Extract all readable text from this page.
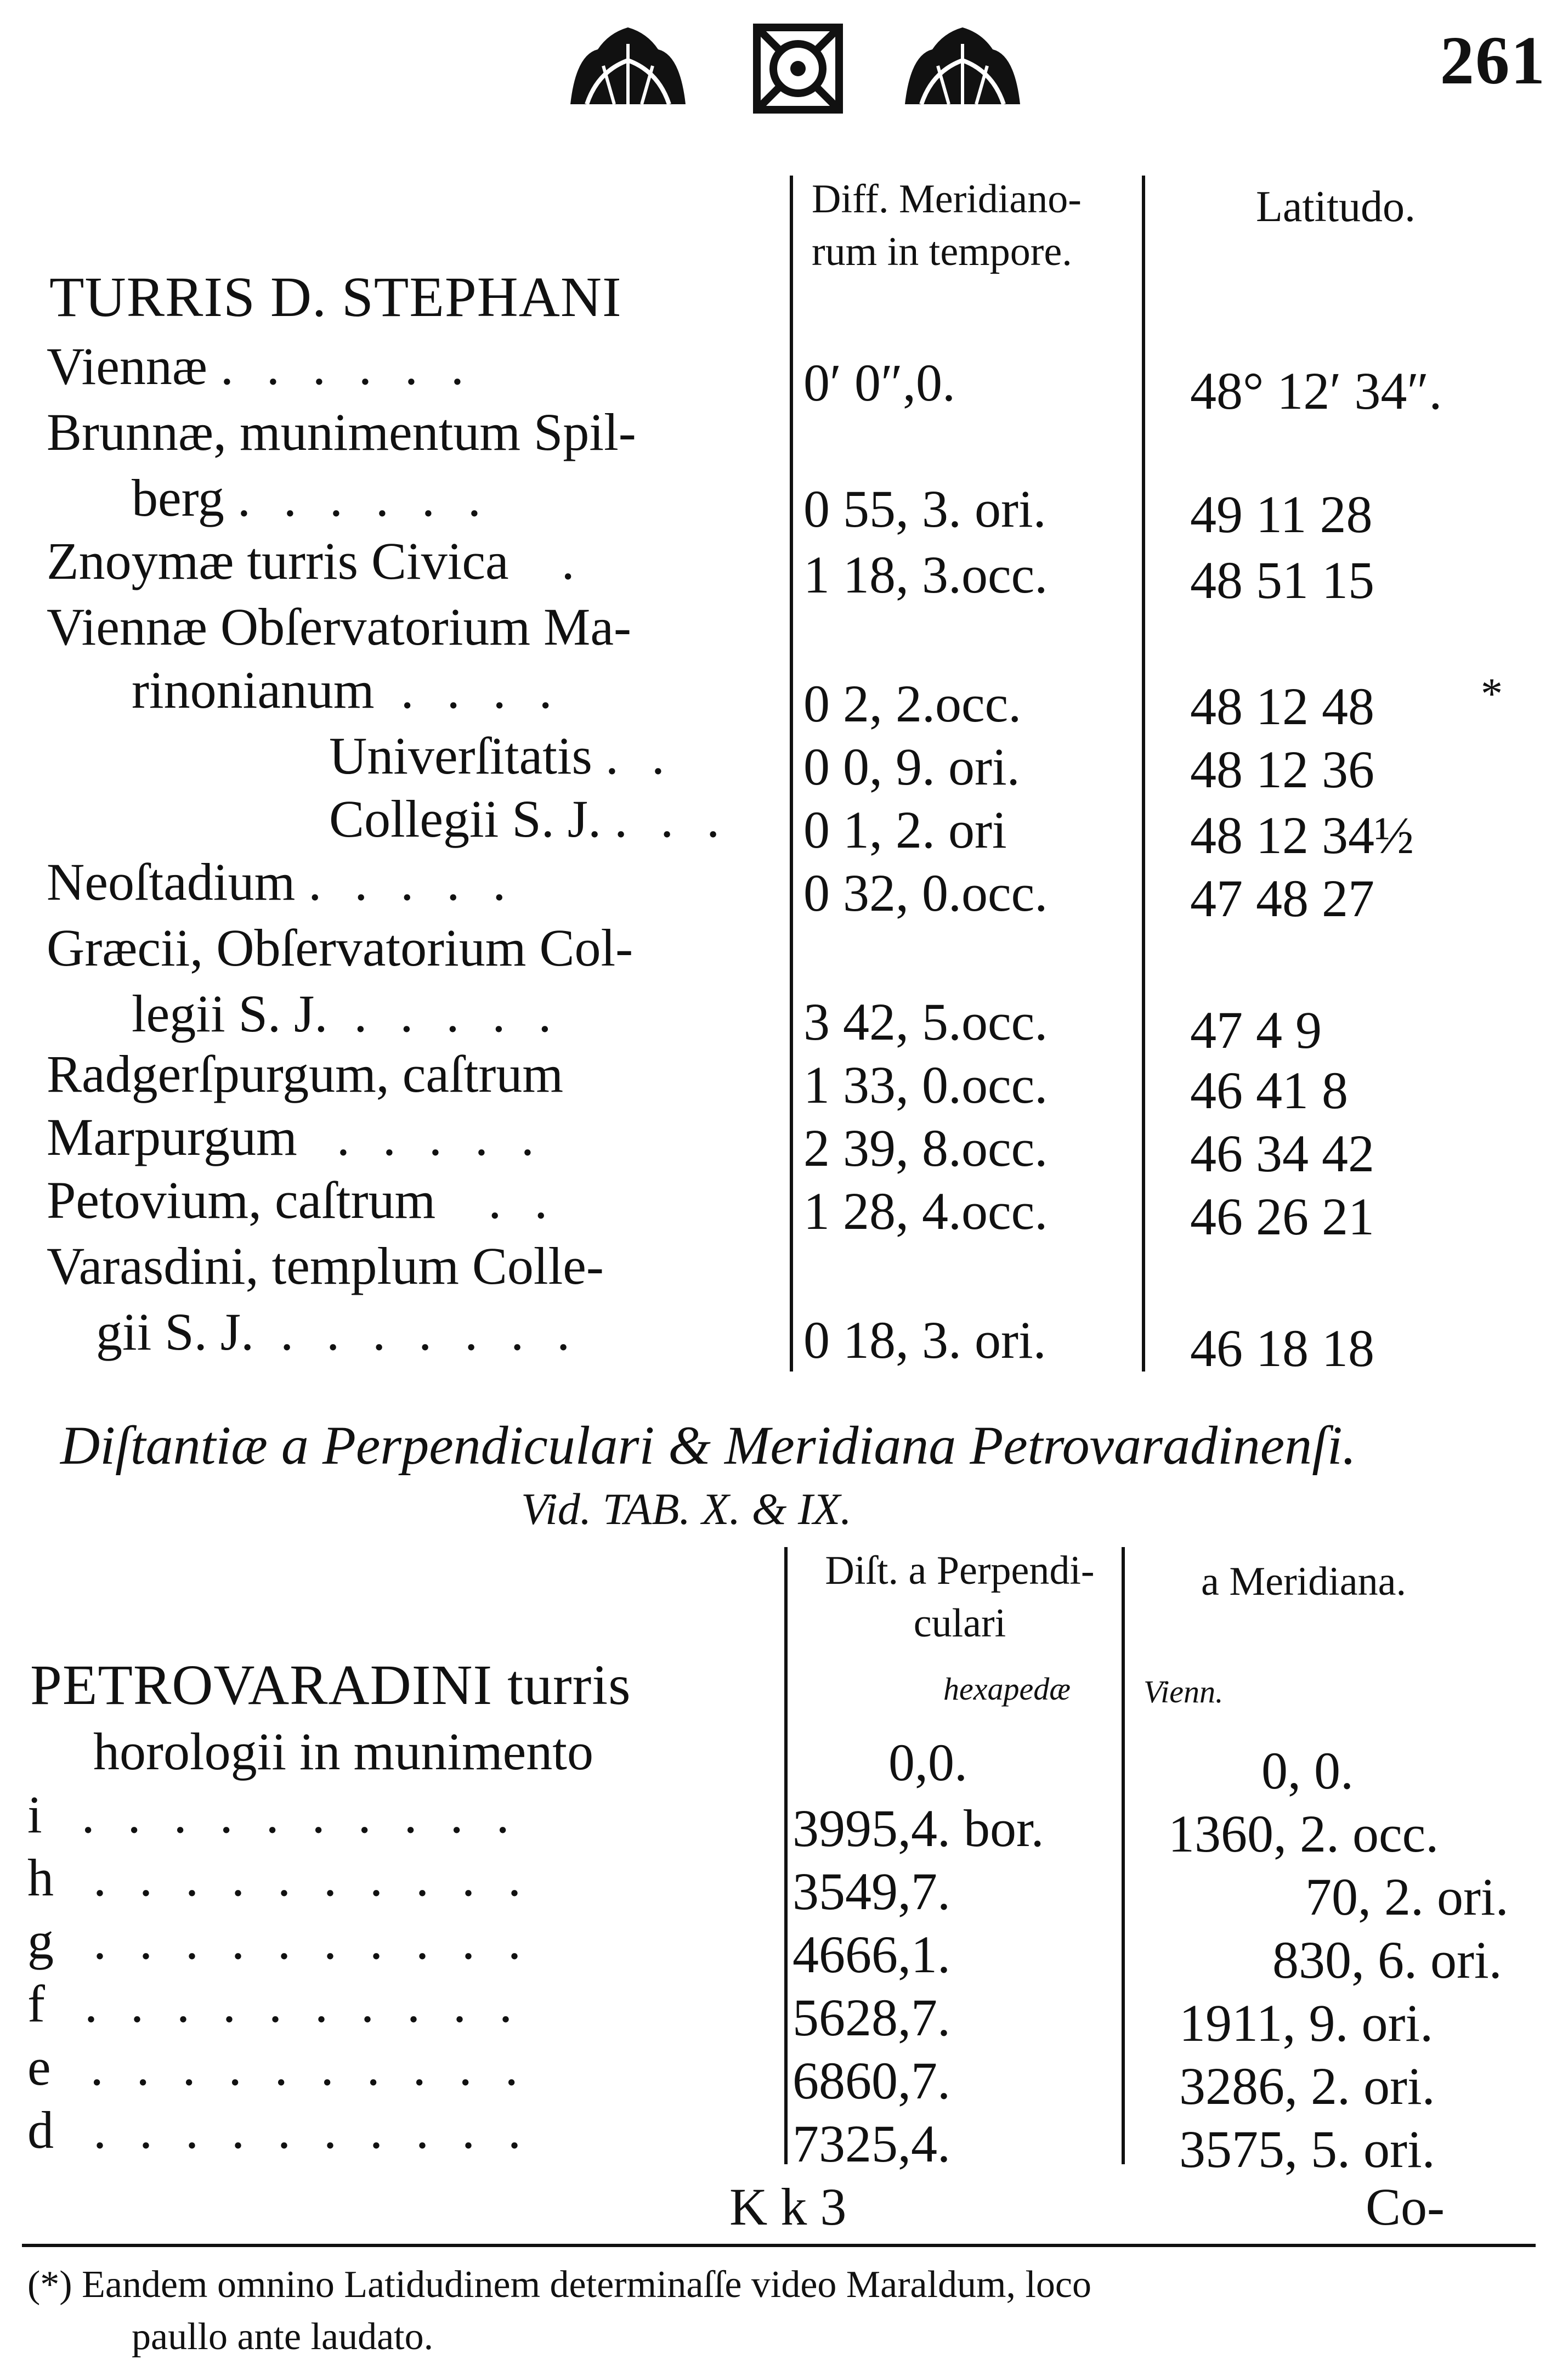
261
Diff. Meridiano-
rum in tempore.
Latitudo.
TURRIS D. STEPHANI
Viennæ . . . . . .	0′ 0″,0.	48° 12′ 34″.
Brunnæ, munimentum Spil-
berg . . . . . .	0 55, 3. ori.	49 11 28
Znoymæ turris Civica .	1 18, 3.occ.	48 51 15
Viennæ Obſervatorium Ma-
rinonianum . . . .	0 2, 2.occ.	48 12 48 *
Univerſitatis . . 0 0, 9. ori.	48 12 36
Collegii S. J. . . . 0 1, 2. ori	48 12 34½
Neoſtadium . . . . .	0 32, 0.occ.	47 48 27
Græcii, Obſervatorium Col-
legii S. J. . . . . .	3 42, 5.occ.	47 4 9
Radgerſpurgum, caſtrum	1 33, 0.occ.	46 41 8
Marpurgum . . . . .	2 39, 8.occ.	46 34 42
Petovium, caſtrum . .	1 28, 4.occ.	46 26 21
Varasdini, templum Colle-
gii S. J. . . . . . . .	0 18, 3. ori.	46 18 18
Diſtantiæ a Perpendiculari & Meridiana Petrovaradinenſi.
Vid. TAB. X. & IX.
Diſt. a Perpendi-
culari
a Meridiana.
hexapedæ Vienn.
PETROVARADINI turris
horologii in munimento	0,0.	0, 0.
i . . . . . . . . . .	3995,4. bor. 1360, 2. occ.
h . . . . . . . . . .	3549,7.	70, 2. ori.
g . . . . . . . . . .	4666,1.	830, 6. ori.
f . . . . . . . . . .	5628,7.	1911, 9. ori.
e . . . . . . . . . .	6860,7.	3286, 2. ori.
d . . . . . . . . . .	7325,4.	3575, 5. ori.
K k 3	Co-
(*) Eandem omnino Latidudinem determinaſſe video Maraldum, loco
paullo ante laudato.
